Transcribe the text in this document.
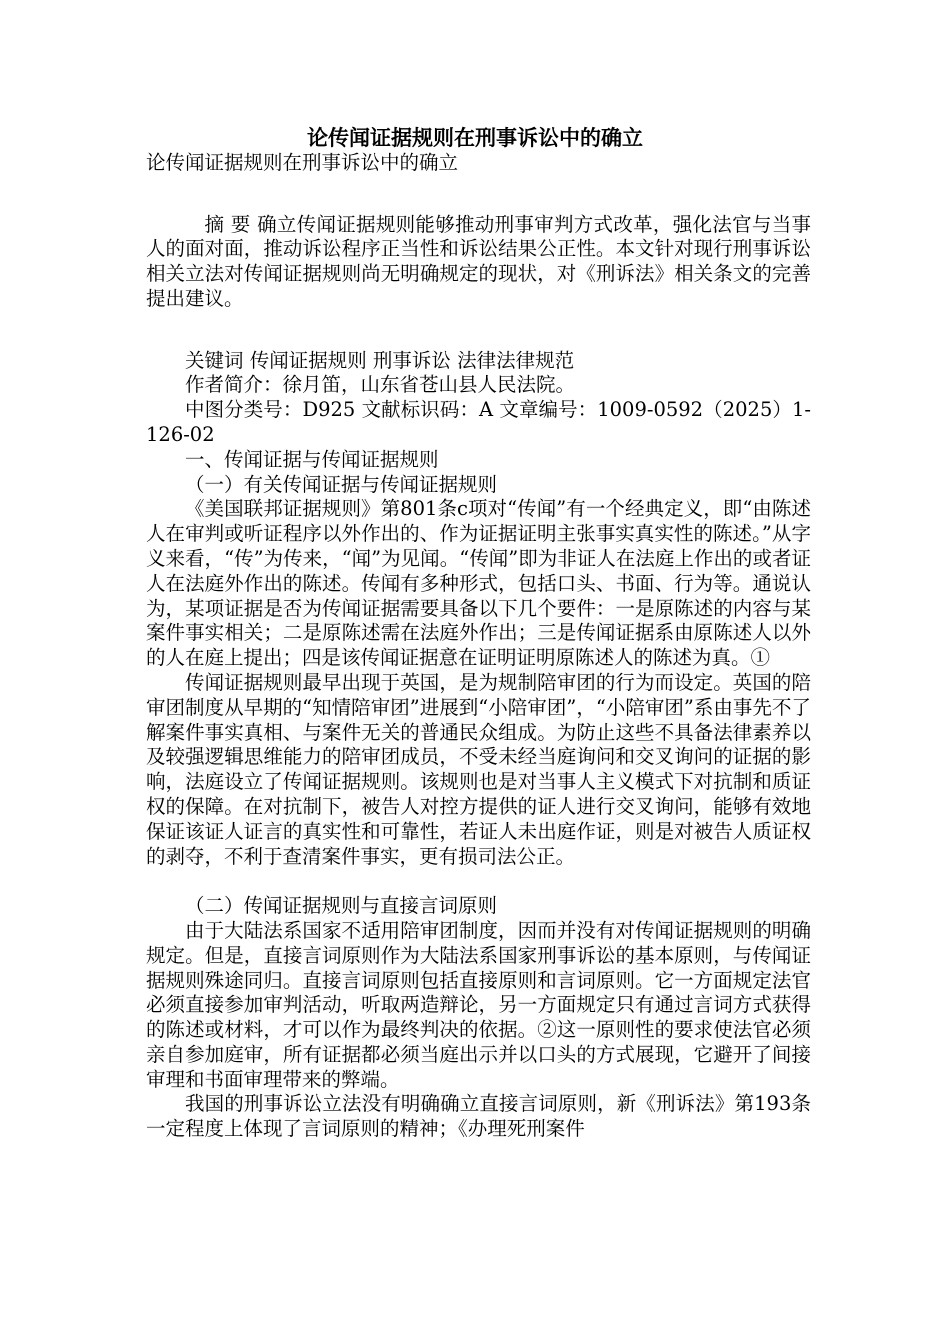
论传闻证据规则在刑事诉讼中的确立

论传闻证据规则在刑事诉讼中的确立

摘 要 确立传闻证据规则能够推动刑事审判方式改革，强化法官与当事人的面对面，推动诉讼程序正当性和诉讼结果公正性。本文针对现行刑事诉讼相关立法对传闻证据规则尚无明确规定的现状，对《刑诉法》相关条文的完善提出建议。

关键词 传闻证据规则 刑事诉讼 法律法律规范

作者简介：徐月笛，山东省苍山县人民法院。

中图分类号：D925 文献标识码：A 文章编号：1009-0592（2025）1-126-02

一、传闻证据与传闻证据规则

（一）有关传闻证据与传闻证据规则

《美国联邦证据规则》第801条c项对“传闻”有一个经典定义，即“由陈述人在审判或听证程序以外作出的、作为证据证明主张事实真实性的陈述。”从字义来看，“传”为传来，“闻”为见闻。“传闻”即为非证人在法庭上作出的或者证人在法庭外作出的陈述。传闻有多种形式，包括口头、书面、行为等。通说认为，某项证据是否为传闻证据需要具备以下几个要件：一是原陈述的内容与某案件事实相关；二是原陈述需在法庭外作出；三是传闻证据系由原陈述人以外的人在庭上提出；四是该传闻证据意在证明证明原陈述人的陈述为真。①

传闻证据规则最早出现于英国，是为规制陪审团的行为而设定。英国的陪审团制度从早期的“知情陪审团”进展到“小陪审团”，“小陪审团”系由事先不了解案件事实真相、与案件无关的普通民众组成。为防止这些不具备法律素养以及较强逻辑思维能力的陪审团成员，不受未经当庭询问和交叉询问的证据的影响，法庭设立了传闻证据规则。该规则也是对当事人主义模式下对抗制和质证权的保障。在对抗制下，被告人对控方提供的证人进行交叉询问，能够有效地保证该证人证言的真实性和可靠性，若证人未出庭作证，则是对被告人质证权的剥夺，不利于查清案件事实，更有损司法公正。

（二）传闻证据规则与直接言词原则

由于大陆法系国家不适用陪审团制度，因而并没有对传闻证据规则的明确规定。但是，直接言词原则作为大陆法系国家刑事诉讼的基本原则，与传闻证据规则殊途同归。直接言词原则包括直接原则和言词原则。它一方面规定法官必须直接参加审判活动，听取两造辩论，另一方面规定只有通过言词方式获得的陈述或材料，才可以作为最终判决的依据。②这一原则性的要求使法官必须亲自参加庭审，所有证据都必须当庭出示并以口头的方式展现，它避开了间接审理和书面审理带来的弊端。

我国的刑事诉讼立法没有明确确立直接言词原则，新《刑诉法》第193条一定程度上体现了言词原则的精神；《办理死刑案件
